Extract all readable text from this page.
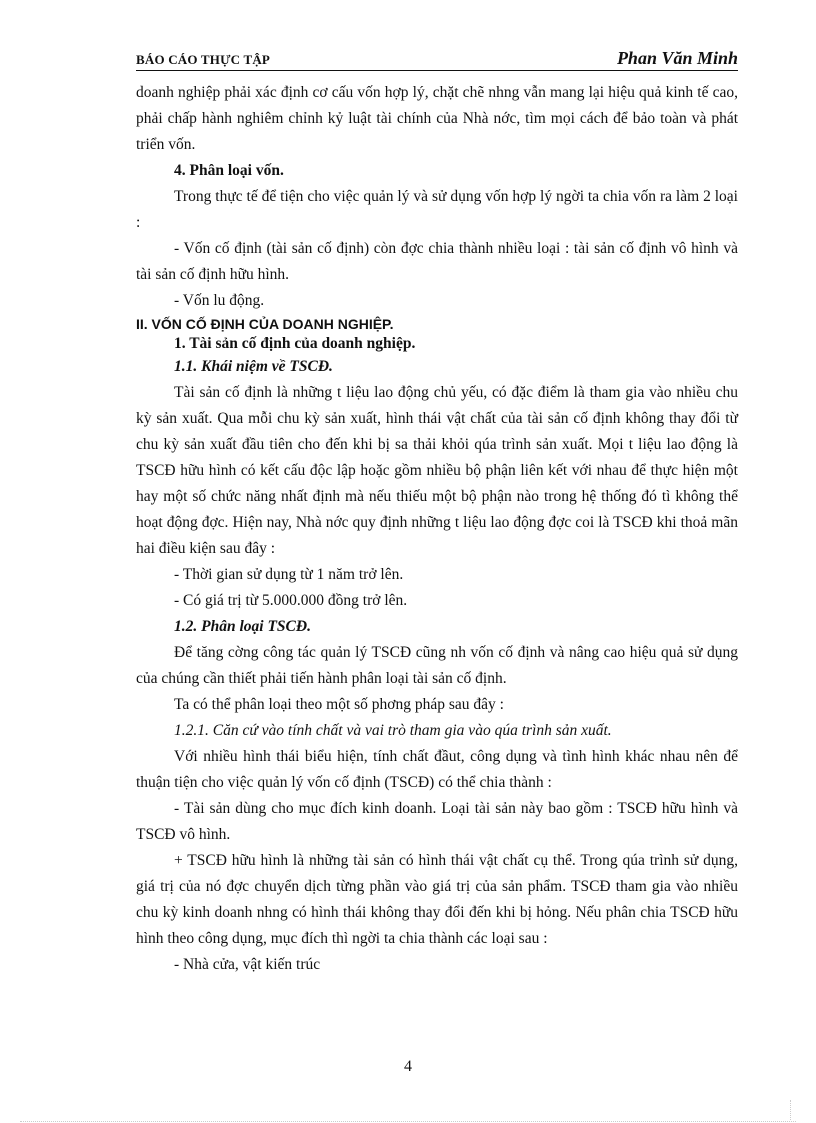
BÁO CÁO THỰC TẬP	Phan Văn Minh

doanh nghiệp phải xác định cơ cấu vốn hợp lý, chặt chẽ nhng vẫn mang lại hiệu quả kinh tế cao, phải chấp hành nghiêm chỉnh kỷ luật tài chính của Nhà nớc, tìm mọi cách để bảo toàn và phát triển vốn.

4. Phân loại vốn.

Trong thực tế để tiện cho việc quản lý và sử dụng vốn hợp lý ngời ta chia vốn ra làm 2 loại :

- Vốn cố định (tài sản cố định) còn đợc chia thành nhiều loại : tài sản cố định vô hình và tài sản cố định hữu hình.

- Vốn lu động.

II. VỐN CỐ ĐỊNH CỦA DOANH NGHIỆP.

1. Tài sản cố định của doanh nghiệp.

1.1. Khái niệm về TSCĐ.

Tài sản cố định là những t liệu lao động chủ yếu, có đặc điểm là tham gia vào nhiều chu kỳ sản xuất. Qua mỗi chu kỳ sản xuất, hình thái vật chất của tài sản cố định không thay đổi từ chu kỳ sản xuất đầu tiên cho đến khi bị sa thải khỏi qúa trình sản xuất. Mọi t liệu lao động là TSCĐ hữu hình có kết cấu độc lập hoặc gồm nhiều bộ phận liên kết với nhau để thực hiện một hay một số chức năng nhất định mà nếu thiếu một bộ phận nào trong hệ thống đó tì không thể hoạt động đợc. Hiện nay, Nhà nớc quy định những t liệu lao động đợc coi là TSCĐ khi thoả mãn hai điều kiện sau đây :

- Thời gian sử dụng từ 1 năm trở lên.

- Có giá trị từ 5.000.000 đồng trở lên.

1.2. Phân loại TSCĐ.

Để tăng cờng công tác quản lý TSCĐ cũng nh vốn cố định và nâng cao hiệu quả sử dụng của chúng cần thiết phải tiến hành phân loại tài sản cố định.

Ta có thể phân loại theo một số phơng pháp sau đây :

1.2.1. Căn cứ vào tính chất và vai trò tham gia vào qúa trình sản xuất.

Với nhiều hình thái biểu hiện, tính chất đầut, công dụng và tình hình khác nhau nên để thuận tiện cho việc quản lý vốn cố định (TSCĐ) có thể chia thành :

- Tài sản dùng cho mục đích kinh doanh. Loại tài sản này bao gồm : TSCĐ hữu hình và TSCĐ vô hình.

+ TSCĐ hữu hình là những tài sản có hình thái vật chất cụ thể. Trong qúa trình sử dụng, giá trị của nó đợc chuyển dịch từng phần vào giá trị của sản phẩm. TSCĐ tham gia vào nhiều chu kỳ kinh doanh nhng có hình thái không thay đổi đến khi bị hỏng. Nếu phân chia TSCĐ hữu hình theo công dụng, mục đích thì ngời ta chia thành các loại sau :

- Nhà cửa, vật kiến trúc

4
